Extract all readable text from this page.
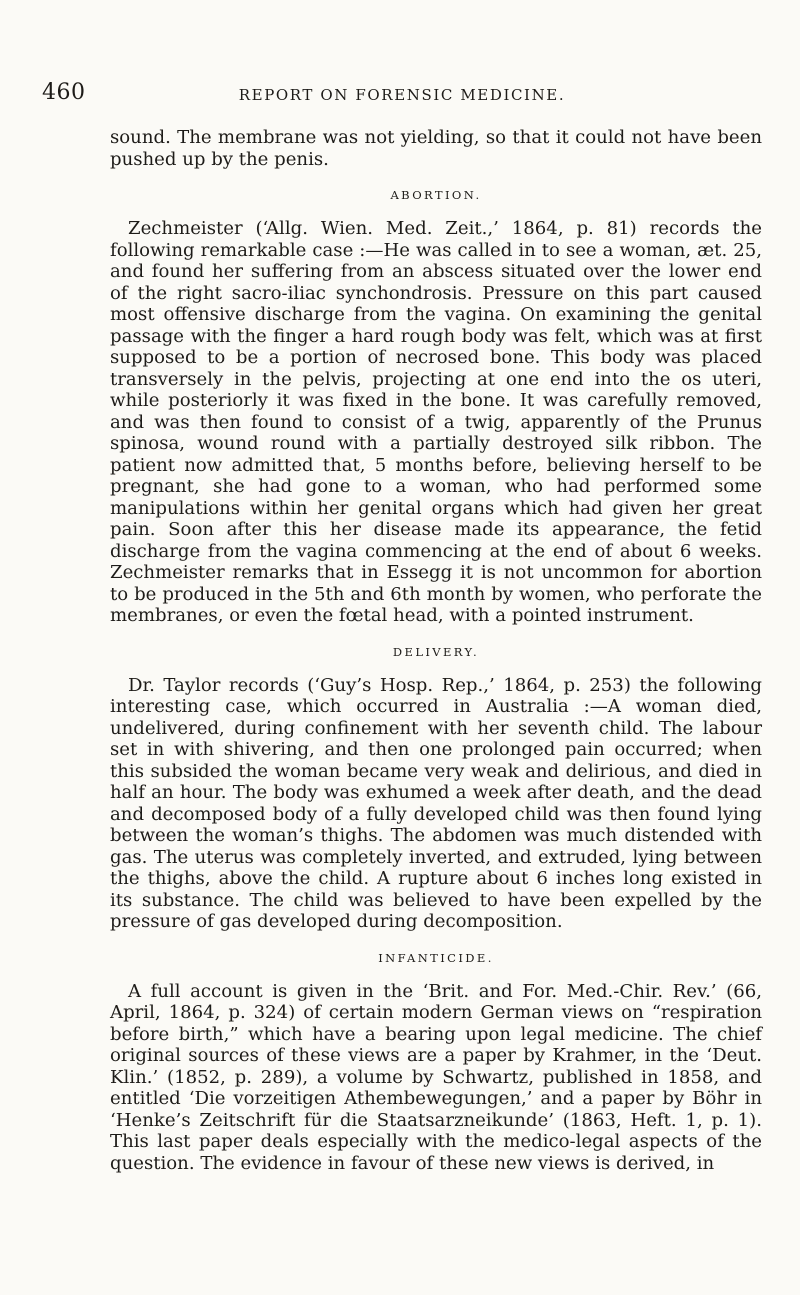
460	REPORT ON FORENSIC MEDICINE.

sound. The membrane was not yielding, so that it could not have been pushed up by the penis.

ABORTION.

Zechmeister (‘Allg. Wien. Med. Zeit.,’ 1864, p. 81) records the following remarkable case :—He was called in to see a woman, æt. 25, and found her suffering from an abscess situated over the lower end of the right sacro-iliac synchondrosis. Pressure on this part caused most offensive discharge from the vagina. On examining the genital passage with the finger a hard rough body was felt, which was at first supposed to be a portion of necrosed bone. This body was placed transversely in the pelvis, projecting at one end into the os uteri, while posteriorly it was fixed in the bone. It was carefully removed, and was then found to consist of a twig, apparently of the Prunus spinosa, wound round with a partially destroyed silk ribbon. The patient now admitted that, 5 months before, believing herself to be pregnant, she had gone to a woman, who had performed some manipulations within her genital organs which had given her great pain. Soon after this her disease made its appearance, the fetid discharge from the vagina commencing at the end of about 6 weeks. Zechmeister remarks that in Essegg it is not uncommon for abortion to be produced in the 5th and 6th month by women, who perforate the membranes, or even the fœtal head, with a pointed instrument.

DELIVERY.

Dr. Taylor records (‘Guy’s Hosp. Rep.,’ 1864, p. 253) the following interesting case, which occurred in Australia :—A woman died, undelivered, during confinement with her seventh child. The labour set in with shivering, and then one prolonged pain occurred; when this subsided the woman became very weak and delirious, and died in half an hour. The body was exhumed a week after death, and the dead and decomposed body of a fully developed child was then found lying between the woman’s thighs. The abdomen was much distended with gas. The uterus was completely inverted, and extruded, lying between the thighs, above the child. A rupture about 6 inches long existed in its substance. The child was believed to have been expelled by the pressure of gas developed during decomposition.

INFANTICIDE.

A full account is given in the ‘Brit. and For. Med.-Chir. Rev.’ (66, April, 1864, p. 324) of certain modern German views on “respiration before birth,” which have a bearing upon legal medicine. The chief original sources of these views are a paper by Krahmer, in the ‘Deut. Klin.’ (1852, p. 289), a volume by Schwartz, published in 1858, and entitled ‘Die vorzeitigen Athembewegungen,’ and a paper by Böhr in ‘Henke’s Zeitschrift für die Staatsarzneikunde’ (1863, Heft. 1, p. 1). This last paper deals especially with the medico-legal aspects of the question. The evidence in favour of these new views is derived, in
